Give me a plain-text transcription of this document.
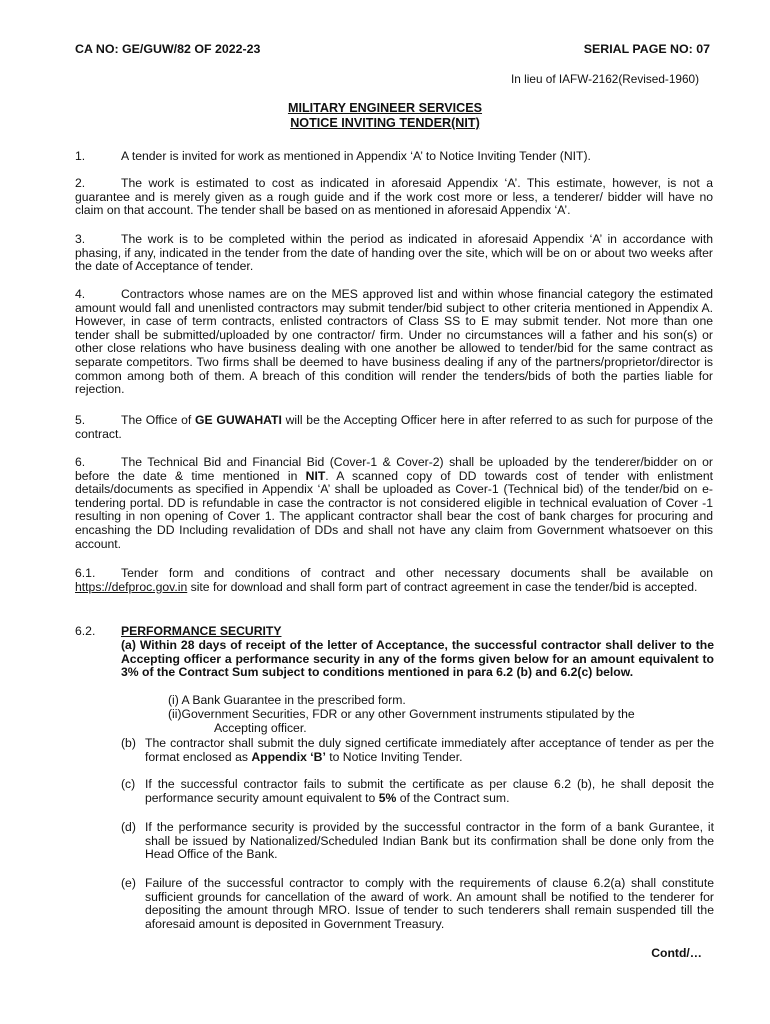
CA NO: GE/GUW/82 OF 2022-23	SERIAL PAGE NO: 07
In lieu of IAFW-2162(Revised-1960)
MILITARY ENGINEER SERVICES
NOTICE INVITING TENDER(NIT)

1.	A tender is invited for work as mentioned in Appendix ‘A’ to Notice Inviting Tender (NIT).

2.	The work is estimated to cost as indicated in aforesaid Appendix ‘A’. This estimate, however, is not a guarantee and is merely given as a rough guide and if the work cost more or less, a tenderer/ bidder will have no claim on that account. The tender shall be based on as mentioned in aforesaid Appendix ‘A’.

3.	The work is to be completed within the period as indicated in aforesaid Appendix ‘A’ in accordance with phasing, if any, indicated in the tender from the date of handing over the site, which will be on or about two weeks after the date of Acceptance of tender.

4.	Contractors whose names are on the MES approved list and within whose financial category the estimated amount would fall and unenlisted contractors may submit tender/bid subject to other criteria mentioned in Appendix A. However, in case of term contracts, enlisted contractors of Class SS to E may submit tender. Not more than one tender shall be submitted/uploaded by one contractor/ firm. Under no circumstances will a father and his son(s) or other close relations who have business dealing with one another be allowed to tender/bid for the same contract as separate competitors. Two firms shall be deemed to have business dealing if any of the partners/proprietor/director is common among both of them. A breach of this condition will render the tenders/bids of both the parties liable for rejection.

5.	The Office of GE GUWAHATI will be the Accepting Officer here in after referred to as such for purpose of the contract.

6.	The Technical Bid and Financial Bid (Cover-1 & Cover-2) shall be uploaded by the tenderer/bidder on or before the date & time mentioned in NIT. A scanned copy of DD towards cost of tender with enlistment details/documents as specified in Appendix ‘A’ shall be uploaded as Cover-1 (Technical bid) of the tender/bid on e-tendering portal. DD is refundable in case the contractor is not considered eligible in technical evaluation of Cover -1 resulting in non opening of Cover 1. The applicant contractor shall bear the cost of bank charges for procuring and encashing the DD Including revalidation of DDs and shall not have any claim from Government whatsoever on this account.

6.1. Tender form and conditions of contract and other necessary documents shall be available on https://defproc.gov.in site for download and shall form part of contract agreement in case the tender/bid is accepted.

6.2. PERFORMANCE SECURITY
(a) Within 28 days of receipt of the letter of Acceptance, the successful contractor shall deliver to the Accepting officer a performance security in any of the forms given below for an amount equivalent to 3% of the Contract Sum subject to conditions mentioned in para 6.2 (b) and 6.2(c) below.
(i) A Bank Guarantee in the prescribed form.
(ii)Government Securities, FDR or any other Government instruments stipulated by the
Accepting officer.
(b) The contractor shall submit the duly signed certificate immediately after acceptance of tender as per the format enclosed as Appendix ‘B’ to Notice Inviting Tender.
(c) If the successful contractor fails to submit the certificate as per clause 6.2 (b), he shall deposit the performance security amount equivalent to 5% of the Contract sum.
(d) If the performance security is provided by the successful contractor in the form of a bank Gurantee, it shall be issued by Nationalized/Scheduled Indian Bank but its confirmation shall be done only from the Head Office of the Bank.
(e) Failure of the successful contractor to comply with the requirements of clause 6.2(a) shall constitute sufficient grounds for cancellation of the award of work. An amount shall be notified to the tenderer for depositing the amount through MRO. Issue of tender to such tenderers shall remain suspended till the aforesaid amount is deposited in Government Treasury.
Contd/…
